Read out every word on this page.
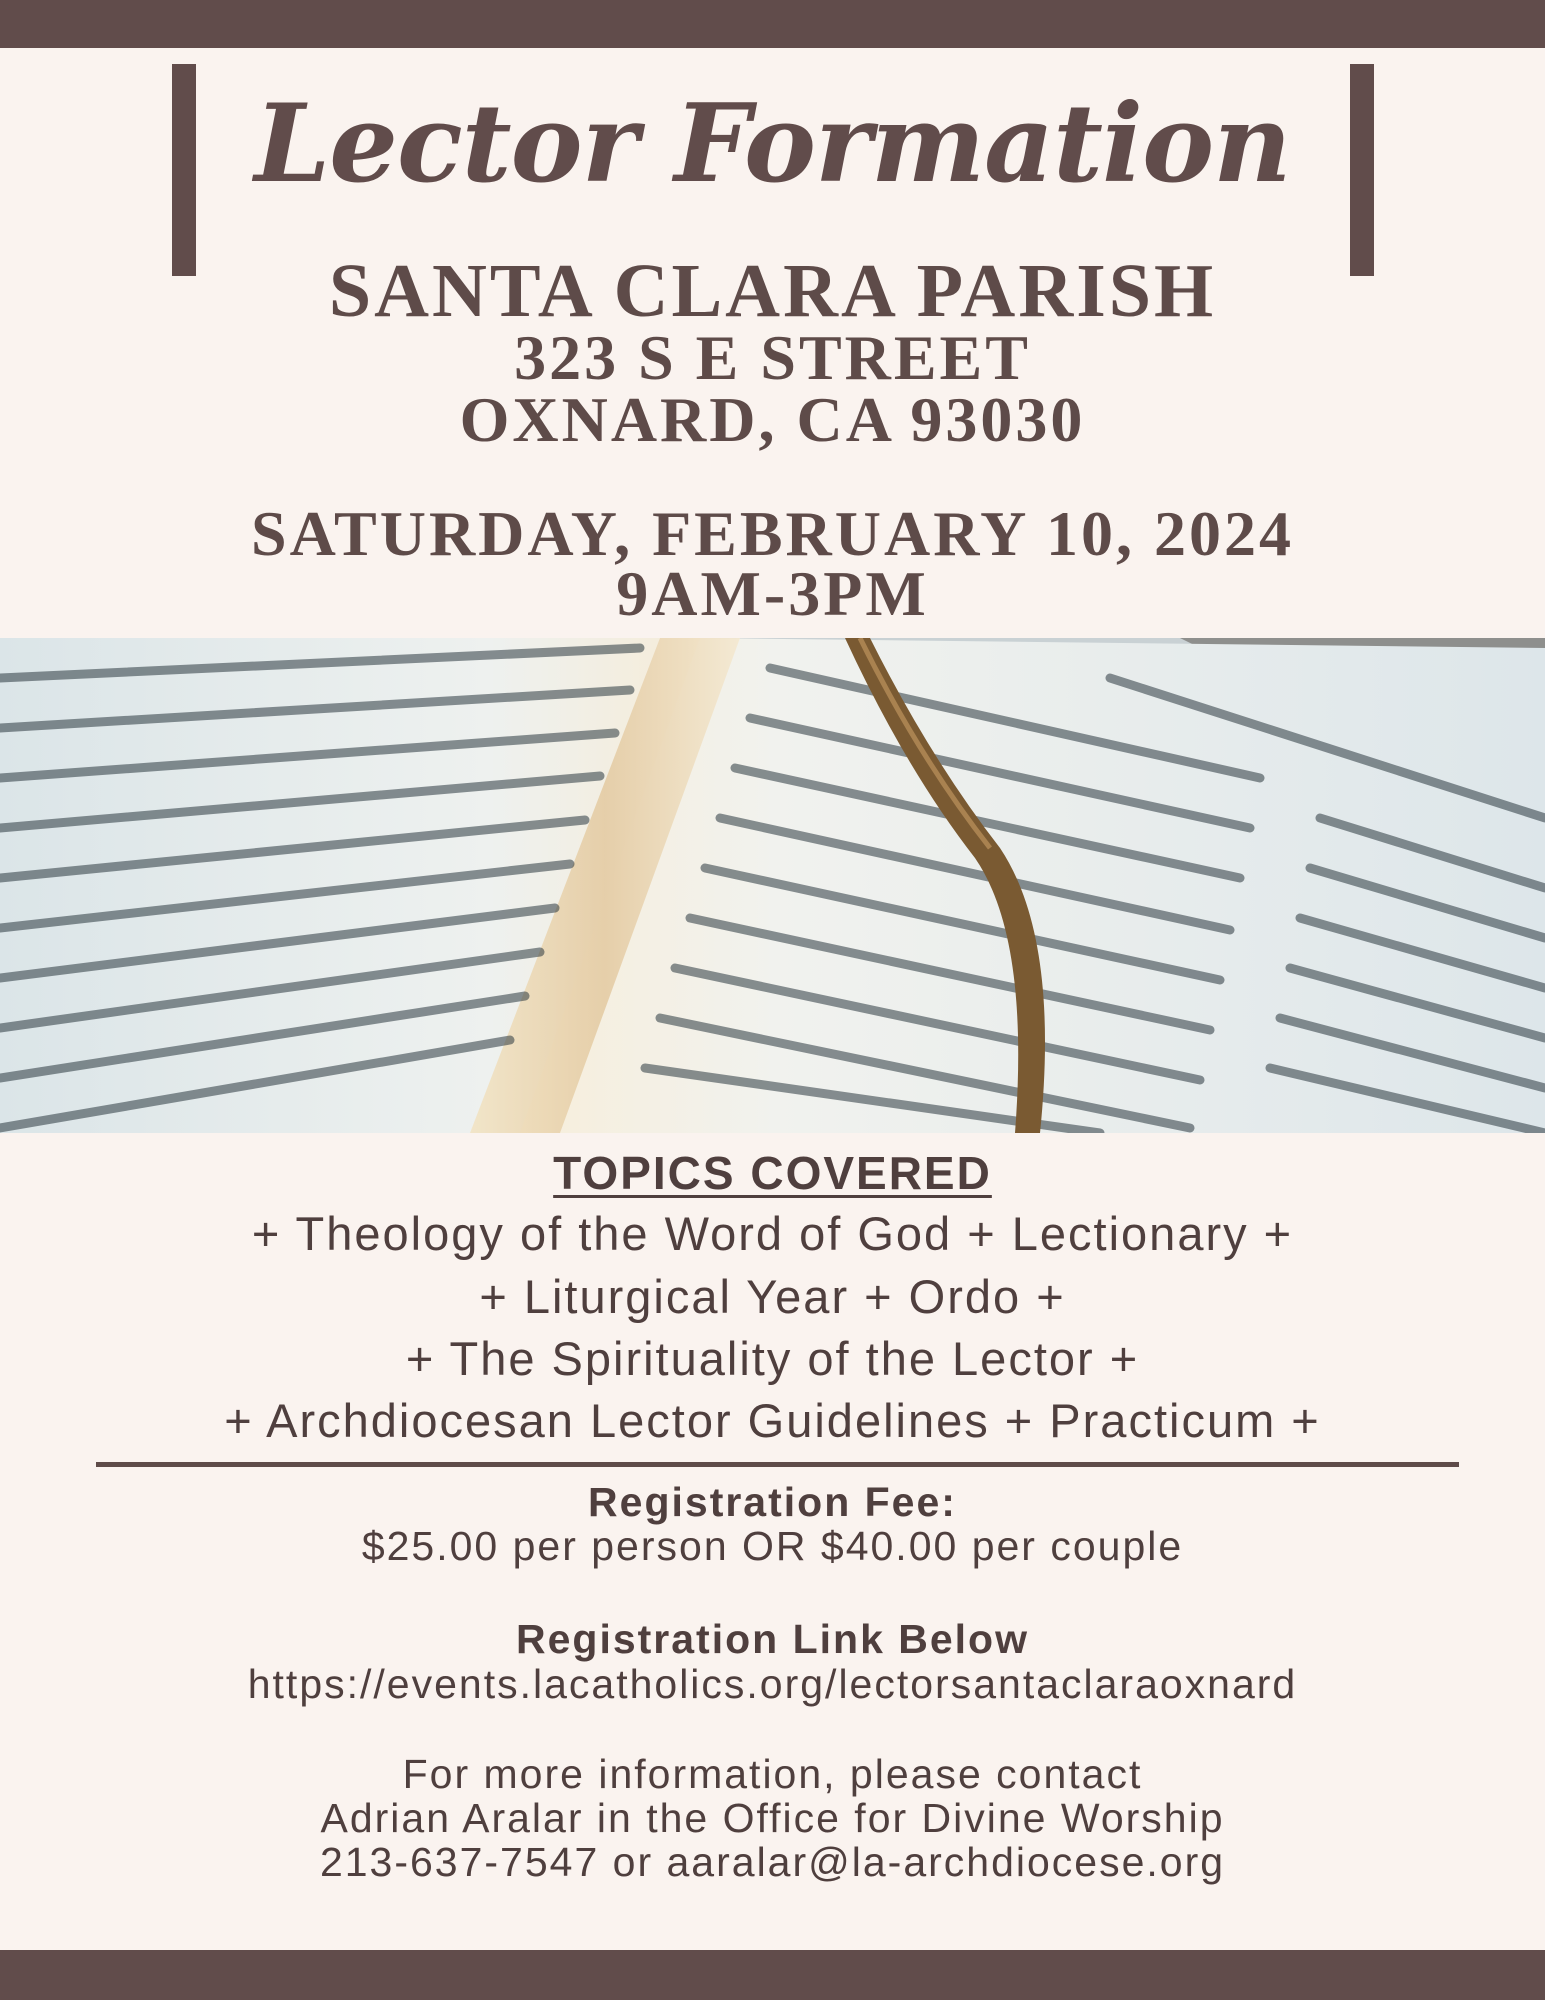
Lector Formation
SANTA CLARA PARISH
323 S E STREET
OXNARD, CA 93030
SATURDAY, FEBRUARY 10, 2024
9AM-3PM
TOPICS COVERED
+ Theology of the Word of God + Lectionary +
+ Liturgical Year + Ordo +
+ The Spirituality of the Lector +
+ Archdiocesan Lector Guidelines + Practicum +
Registration Fee:
$25.00 per person OR $40.00 per couple
Registration Link Below
https://events.lacatholics.org/lectorsantaclaraoxnard
For more information, please contact
Adrian Aralar in the Office for Divine Worship
213-637-7547 or aaralar@la-archdiocese.org
